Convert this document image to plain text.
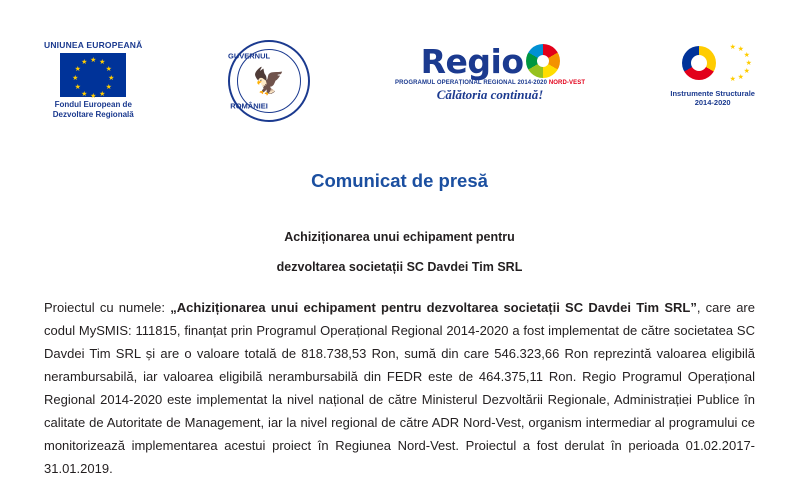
UNIUNEA EUROPEANĂ
★ ★
★
★
★
★
★
★
★
★
★
★
Fondul European de
Dezvoltare Regională
🦅
GUVERNUL
ROMÂNIEI
Regio
PROGRAMUL OPERAȚIONAL REGIONAL 2014-2020 NORD-VEST
Călătoria continuă!
★ ★
★
★
★
★
★
Instrumente Structurale
2014-2020
Comunicat de presă
Achiziționarea unui echipament pentru
dezvoltarea societații SC Davdei Tim SRL
Proiectul cu numele: „Achiziționarea unui echipament pentru dezvoltarea societații SC Davdei Tim SRL”, care are codul MySMIS: 111815, finanțat prin Programul Operațional Regional 2014-2020 a fost implementat de către societatea SC Davdei Tim SRL și are o valoare totală de 818.738,53 Ron, sumă din care 546.323,66 Ron reprezintă valoarea eligibilă nerambursabilă, iar valoarea eligibilă nerambursabilă din FEDR este de 464.375,11 Ron. Regio Programul Operațional Regional 2014-2020 este implementat la nivel național de către Ministerul Dezvoltării Regionale, Administrației Publice în calitate de Autoritate de Management, iar la nivel regional de către ADR Nord-Vest, organism intermediar al programului ce monitorizează implementarea acestui proiect în Regiunea Nord-Vest. Proiectul a fost derulat în perioada 01.02.2017-31.01.2019.
